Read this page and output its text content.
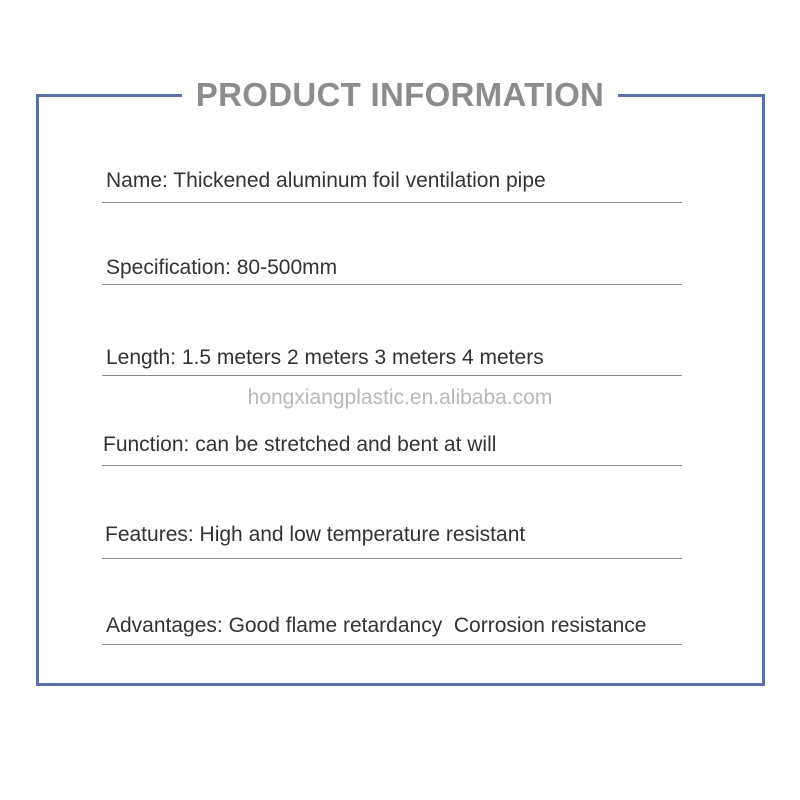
PRODUCT INFORMATION
Name: Thickened aluminum foil ventilation pipe
Specification: 80-500mm
Length: 1.5 meters 2 meters 3 meters 4 meters
hongxiangplastic.en.alibaba.com
Function: can be stretched and bent at will
Features: High and low temperature resistant
Advantages: Good flame retardancy  Corrosion resistance
